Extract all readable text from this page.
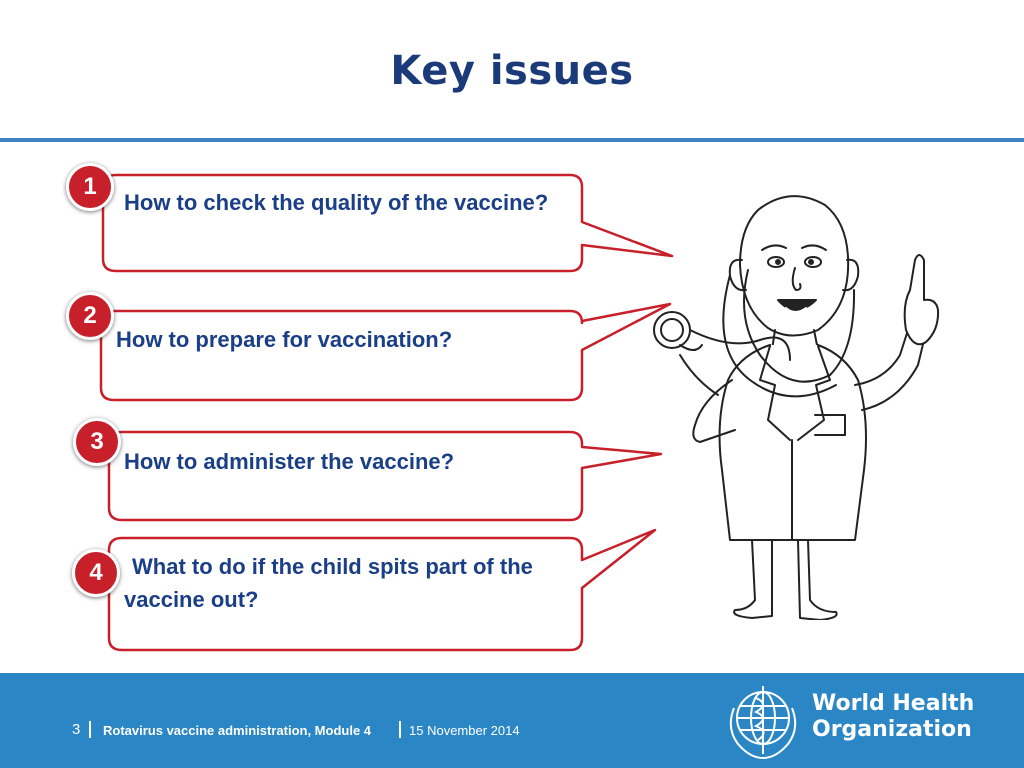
Key issues
How to check the quality of the vaccine?
How to prepare for vaccination?
How to administer the vaccine?
What to do if the child spits part of the vaccine out?
1
2
3
4
3 Rotavirus vaccine administration, Module 4	15 November 2014
World Health
Organization
